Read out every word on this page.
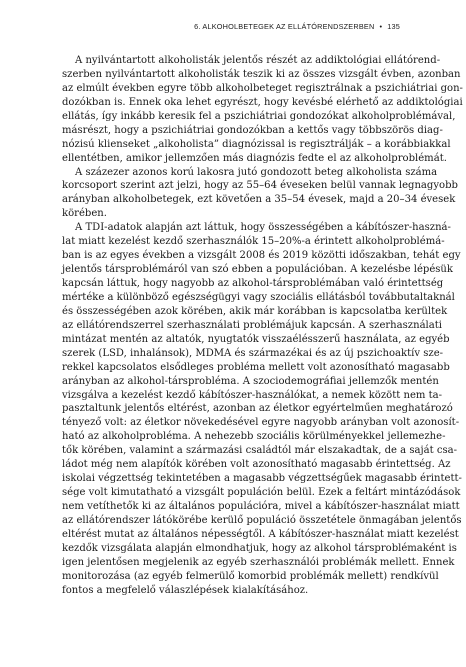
6. ALKOHOLBETEGEK AZ ELLÁTÓRENDSZERBEN • 135
A nyilvántartott alkoholisták jelentős részét az addiktológiai ellátórend-
szerben nyilvántartott alkoholisták teszik ki az összes vizsgált évben, azonban
az elmúlt években egyre több alkoholbeteget regisztrálnak a pszichiátriai gon-
dozókban is. Ennek oka lehet egyrészt, hogy kevésbé elérhető az addiktológiai
ellátás, így inkább keresik fel a pszichiátriai gondozókat alkoholproblémával,
másrészt, hogy a pszichiátriai gondozókban a kettős vagy többszörös diag-
nózisú klienseket „alkoholista” diagnózissal is regisztrálják – a korábbiakkal
ellentétben, amikor jellemzően más diagnózis fedte el az alkoholproblémát.
A százezer azonos korú lakosra jutó gondozott beteg alkoholista száma
korcsoport szerint azt jelzi, hogy az 55–64 éveseken belül vannak legnagyobb
arányban alkoholbetegek, ezt követően a 35–54 évesek, majd a 20–34 évesek
körében.
A TDI-adatok alapján azt láttuk, hogy összességében a kábítószer-haszná-
lat miatt kezelést kezdő szerhasználók 15–20%-a érintett alkoholproblémá-
ban is az egyes években a vizsgált 2008 és 2019 közötti időszakban, tehát egy
jelentős társproblémáról van szó ebben a populációban. A kezelésbe lépésük
kapcsán láttuk, hogy nagyobb az alkohol-társproblémában való érintettség
mértéke a különböző egészségügyi vagy szociális ellátásból továbbutaltaknál
és összességében azok körében, akik már korábban is kapcsolatba kerültek
az ellátórendszerrel szerhasználati problémájuk kapcsán. A szerhasználati
mintázat mentén az altatók, nyugtatók visszaélésszerű használata, az egyéb
szerek (LSD, inhalánsok), MDMA és származékai és az új pszichoaktív sze-
rekkel kapcsolatos elsődleges probléma mellett volt azonosítható magasabb
arányban az alkohol-társprobléma. A szociodemográfiai jellemzők mentén
vizsgálva a kezelést kezdő kábítószer-használókat, a nemek között nem ta-
pasztaltunk jelentős eltérést, azonban az életkor egyértelműen meghatározó
tényező volt: az életkor növekedésével egyre nagyobb arányban volt azonosít-
ható az alkoholprobléma. A nehezebb szociális körülményekkel jellemezhe-
tők körében, valamint a származási családtól már elszakadtak, de a saját csa-
ládot még nem alapítók körében volt azonosítható magasabb érintettség. Az
iskolai végzettség tekintetében a magasabb végzettségűek magasabb érintett-
sége volt kimutatható a vizsgált populáción belül. Ezek a feltárt mintázódások
nem vetíthetők ki az általános populációra, mivel a kábítószer-használat miatt
az ellátórendszer látókörébe kerülő populáció összetétele önmagában jelentős
eltérést mutat az általános népességtől. A kábítószer-használat miatt kezelést
kezdők vizsgálata alapján elmondhatjuk, hogy az alkohol társproblémaként is
igen jelentősen megjelenik az egyéb szerhasználói problémák mellett. Ennek
monitorozása (az egyéb felmerülő komorbid problémák mellett) rendkívül
fontos a megfelelő válaszlépések kialakításához.
